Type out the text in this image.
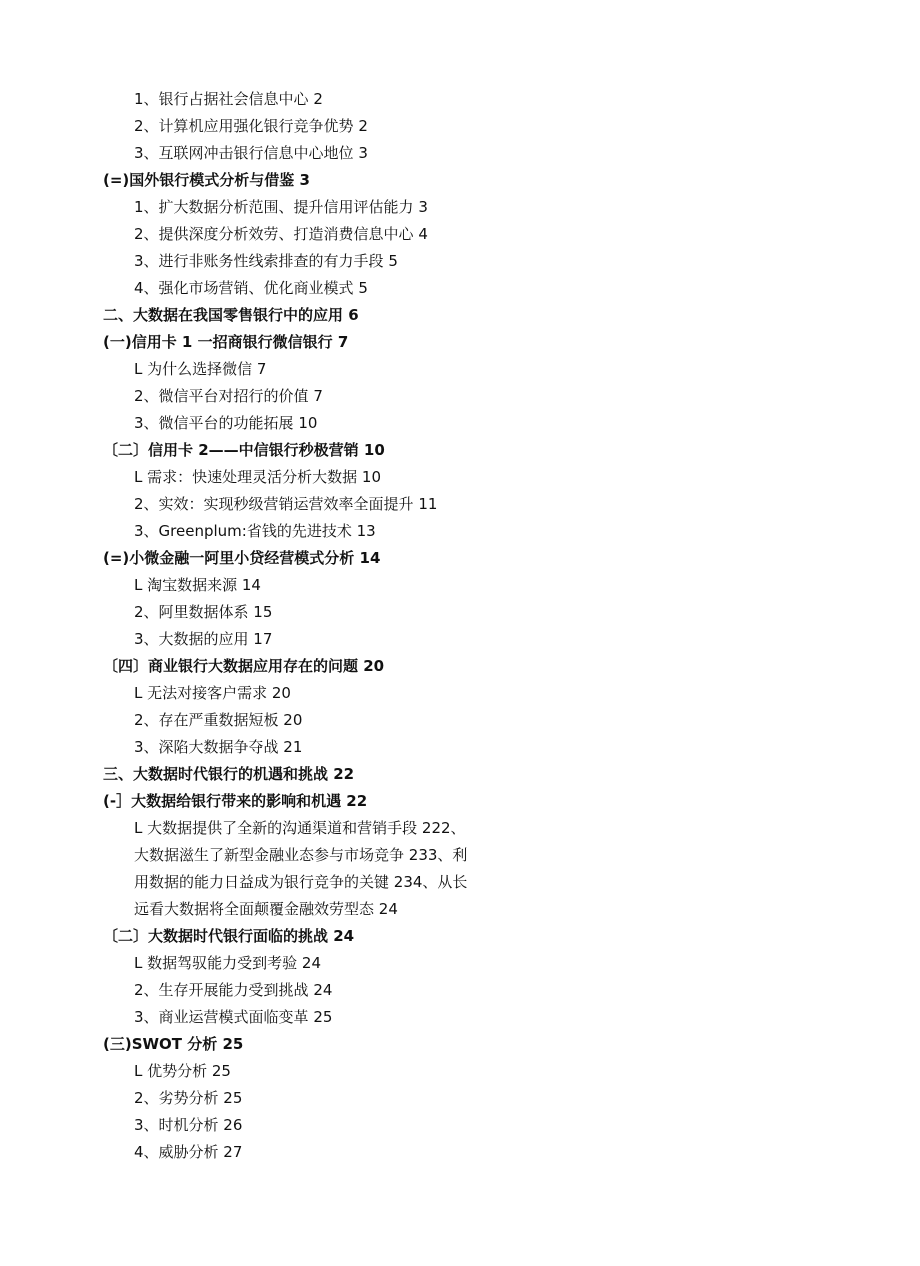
1、银行占据社会信息中心 2
2、计算机应用强化银行竞争优势 2
3、互联网冲击银行信息中心地位 3
(=)国外银行模式分析与借鉴 3
1、扩大数据分析范围、提升信用评估能力 3
2、提供深度分析效劳、打造消费信息中心 4
3、进行非账务性线索排查的有力手段 5
4、强化市场营销、优化商业模式 5
二、大数据在我国零售银行中的应用 6
(一)信用卡 1 一招商银行微信银行 7
L 为什么选择微信 7
2、微信平台对招行的价值 7
3、微信平台的功能拓展 10
〔二〕信用卡 2——中信银行秒极营销 10
L 需求：快速处理灵活分析大数据 10
2、实效：实现秒级营销运营效率全面提升 11
3、Greenplum:省钱的先进技术 13
(=)小微金融一阿里小贷经营模式分析 14
L 淘宝数据来源 14
2、阿里数据体系 15
3、大数据的应用 17
〔四〕商业银行大数据应用存在的问题 20
L 无法对接客户需求 20
2、存在严重数据短板 20
3、深陷大数据争夺战 21
三、大数据时代银行的机遇和挑战 22
(-］大数据给银行带来的影响和机遇 22
L 大数据提供了全新的沟通渠道和营销手段 222、
大数据滋生了新型金融业态参与市场竞争 233、利
用数据的能力日益成为银行竞争的关键 234、从长
远看大数据将全面颠覆金融效劳型态 24
〔二〕大数据时代银行面临的挑战 24
L 数据驾驭能力受到考验 24
2、生存开展能力受到挑战 24
3、商业运营模式面临变革 25
(三)SWOT 分析 25
L 优势分析 25
2、劣势分析 25
3、时机分析 26
4、威胁分析 27
